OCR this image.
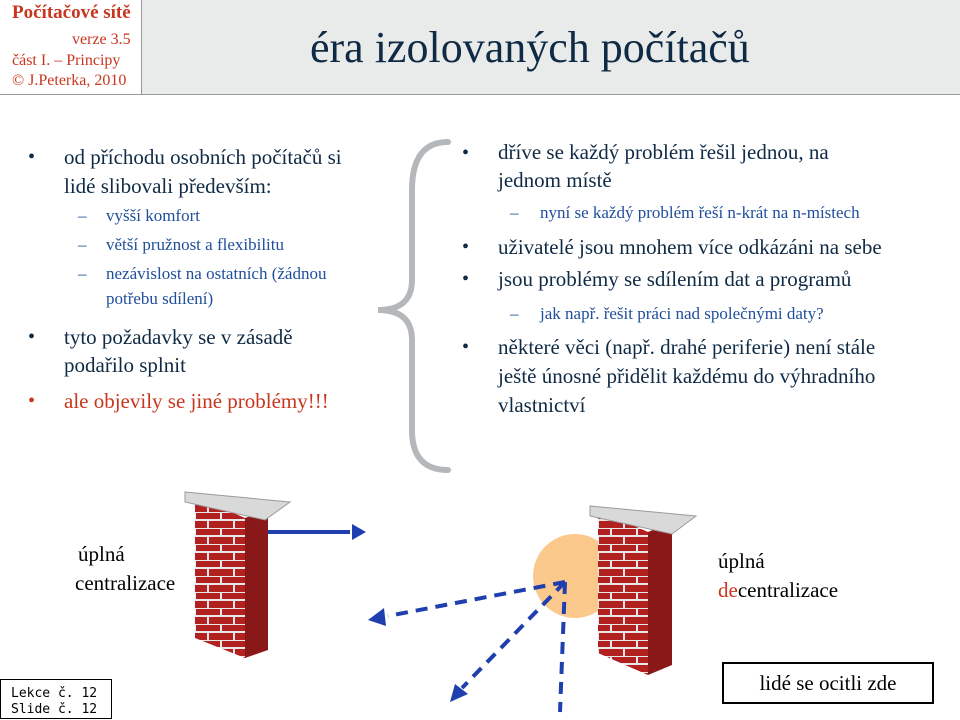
Počítačové sítě
verze 3.5
část I. – Principy
© J.Peterka, 2010
éra izolovaných počítačů
• od příchodu osobních počítačů si
lidé slibovali především:
– vyšší komfort
– větší pružnost a flexibilitu
– nezávislost na ostatních (žádnou
potřebu sdílení)
• tyto požadavky se v zásadě
podařilo splnit
• ale objevily se jiné problémy!!!
• dříve se každý problém řešil jednou, na
jednom místě
– nyní se každý problém řeší n-krát na n-místech
• uživatelé jsou mnohem více odkázáni na sebe
• jsou problémy se sdílením dat a programů
– jak např. řešit práci nad společnými daty?
• některé věci (např. drahé periferie) není stále
ještě únosné přidělit každému do výhradního
vlastnictví
úplná
centralizace
úplná
decentralizace
lidé se ocitli zde
Lekce č. 12
Slide č. 12
